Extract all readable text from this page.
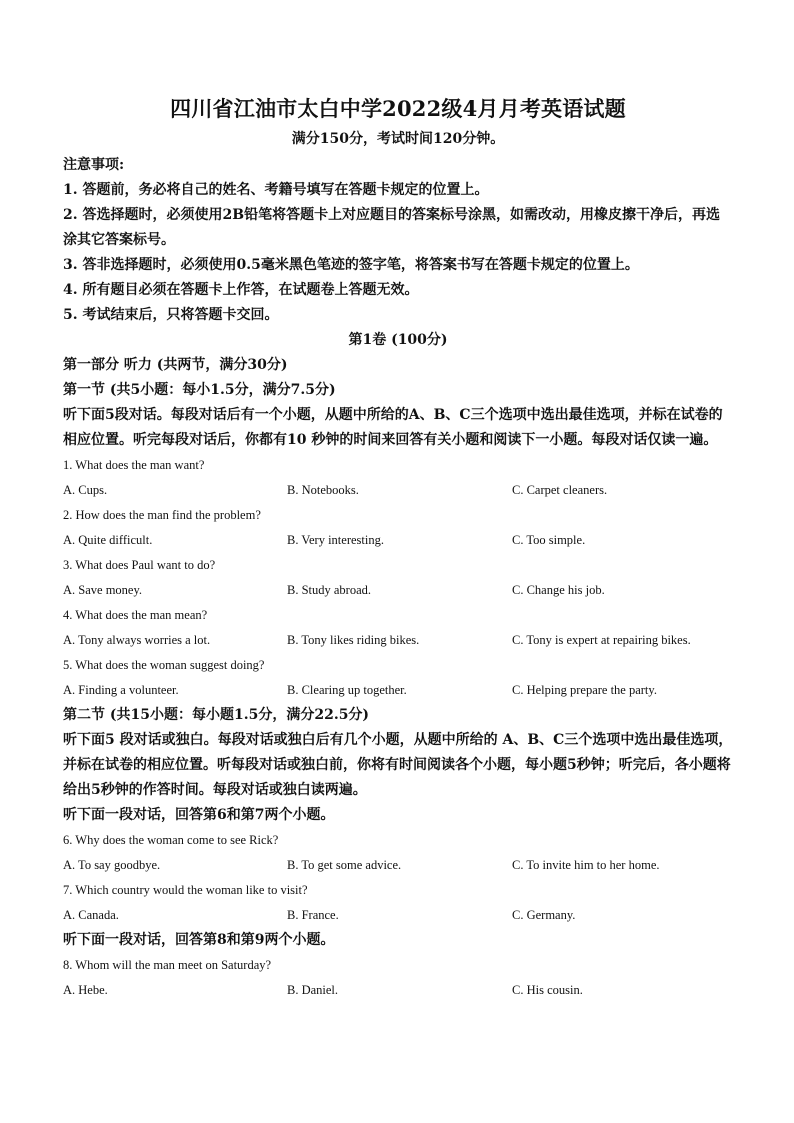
四川省江油市太白中学2022级4月月考英语试题
满分150分，考试时间120分钟。

注意事项:

1. 答题前，务必将自己的姓名、考籍号填写在答题卡规定的位置上。

2. 答选择题时，必须使用2B铅笔将答题卡上对应题目的答案标号涂黑，如需改动，用橡皮擦干净后，再选涂其它答案标号。

3. 答非选择题时，必须使用0.5毫米黑色笔迹的签字笔，将答案书写在答题卡规定的位置上。

4. 所有题目必须在答题卡上作答，在试题卷上答题无效。

5. 考试结束后，只将答题卡交回。

第1卷 (100分)

第一部分 听力 (共两节，满分30分)

第一节 (共5小题：每小1.5分，满分7.5分)

听下面5段对话。每段对话后有一个小题，从题中所给的A、B、C三个选项中选出最佳选项，并标在试卷的相应位置。听完每段对话后，你都有10 秒钟的时间来回答有关小题和阅读下一小题。每段对话仅读一遍。

1. What does the man want?

A. Cups.	B. Notebooks.	C. Carpet cleaners.

2. How does the man find the problem?

A. Quite difficult.	B. Very interesting.	C. Too simple.

3. What does Paul want to do?

A. Save money.	B. Study abroad.	C. Change his job.

4. What does the man mean?

A. Tony always worries a lot.	B. Tony likes riding bikes.	C. Tony is expert at repairing bikes.

5. What does the woman suggest doing?

A. Finding a volunteer.	B. Clearing up together.	C. Helping prepare the party.

第二节 (共15小题：每小题1.5分，满分22.5分)

听下面5 段对话或独白。每段对话或独白后有几个小题，从题中所给的 A、B、C三个选项中选出最佳选项，并标在试卷的相应位置。听每段对话或独白前，你将有时间阅读各个小题，每小题5秒钟；听完后，各小题将给出5秒钟的作答时间。每段对话或独白读两遍。

听下面一段对话，回答第6和第7两个小题。

6. Why does the woman come to see Rick?

A. To say goodbye.	B. To get some advice.	C. To invite him to her home.

7. Which country would the woman like to visit?

A. Canada.	B. France.	C. Germany.

听下面一段对话，回答第8和第9两个小题。

8. Whom will the man meet on Saturday?

A. Hebe.	B. Daniel.	C. His cousin.
